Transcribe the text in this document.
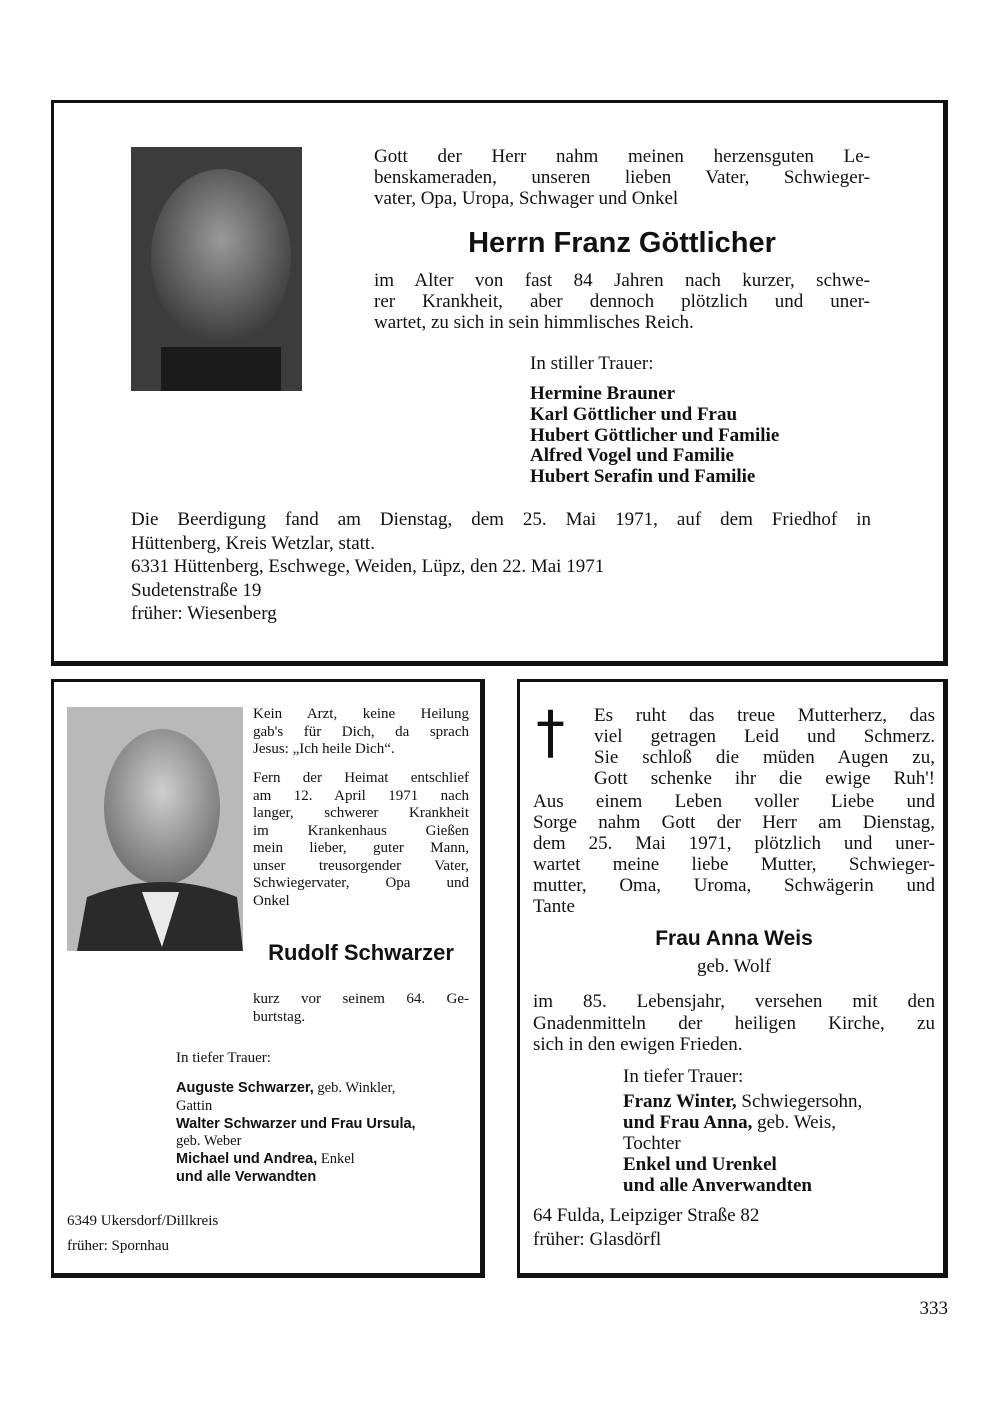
Gott der Herr nahm meinen herzensguten Le-
benskameraden, unseren lieben Vater, Schwieger-
vater, Opa, Uropa, Schwager und Onkel
Herrn Franz Göttlicher
im Alter von fast 84 Jahren nach kurzer, schwe-
rer Krankheit, aber dennoch plötzlich und uner-
wartet, zu sich in sein himmlisches Reich.
In stiller Trauer:
Hermine Brauner
Karl Göttlicher und Frau
Hubert Göttlicher und Familie
Alfred Vogel und Familie
Hubert Serafin und Familie
Die Beerdigung fand am Dienstag, dem 25. Mai 1971, auf dem Friedhof in
Hüttenberg, Kreis Wetzlar, statt.
6331 Hüttenberg, Eschwege, Weiden, Lüpz, den 22. Mai 1971
Sudetenstraße 19
früher: Wiesenberg
Kein Arzt, keine Heilung
gab's für Dich, da sprach
Jesus: „Ich heile Dich“.
Fern der Heimat entschlief
am 12. April 1971 nach
langer, schwerer Krankheit
im Krankenhaus Gießen
mein lieber, guter Mann,
unser treusorgender Vater,
Schwiegervater, Opa und
Onkel
Rudolf Schwarzer
kurz vor seinem 64. Ge-
burtstag.
In tiefer Trauer:
Auguste Schwarzer, geb. Winkler,
Gattin
Walter Schwarzer und Frau Ursula,
geb. Weber
Michael und Andrea, Enkel
und alle Verwandten
6349 Ukersdorf/Dillkreis
früher: Spornhau
† Es ruht das treue Mutterherz, das
viel getragen Leid und Schmerz.
Sie schloß die müden Augen zu,
Gott schenke ihr die ewige Ruh'!
Aus einem Leben voller Liebe und
Sorge nahm Gott der Herr am Dienstag,
dem 25. Mai 1971, plötzlich und uner-
wartet meine liebe Mutter, Schwieger-
mutter, Oma, Uroma, Schwägerin und
Tante
Frau Anna Weis
geb. Wolf
im 85. Lebensjahr, versehen mit den
Gnadenmitteln der heiligen Kirche, zu
sich in den ewigen Frieden.
In tiefer Trauer:
Franz Winter, Schwiegersohn,
und Frau Anna, geb. Weis,
Tochter
Enkel und Urenkel
und alle Anverwandten
64 Fulda, Leipziger Straße 82
früher: Glasdörfl
333
